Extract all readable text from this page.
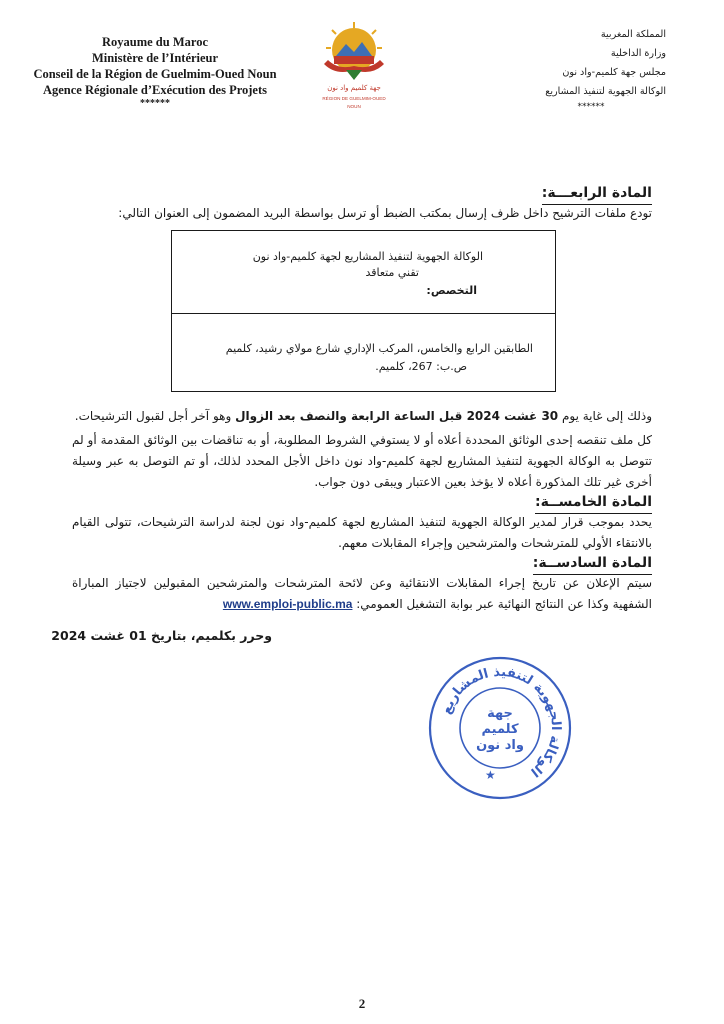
Royaume du Maroc
Ministère de l’Intérieur
Conseil de la Région de Guelmim-Oued Noun
Agence Régionale d’Exécution des Projets
******
جهة كلميم واد نون
RÉGION DE GUELMIM-OUED NOUN
المملكة المغربية
وزارة الداخلية
مجلس جهة كلميم-واد نون
الوكالة الجهوية لتنفيذ المشاريع
******
المادة الرابعـــة:
تودع ملفات الترشيح داخل ظرف إرسال بمكتب الضبط أو ترسل بواسطة البريد المضمون إلى العنوان التالي:
الوكالة الجهوية لتنفيذ المشاريع لجهة كلميم-واد نون
تقني متعاقد
التخصص:
الطابقين الرابع والخامس، المركب الإداري شارع مولاي رشيد، كلميم
ص.ب: 267، كلميم.
وذلك إلى غاية يوم 30 غشت 2024 قبل الساعة الرابعة والنصف بعد الزوال وهو آخر أجل لقبول الترشيحات.
كل ملف تنقصه إحدى الوثائق المحددة أعلاه أو لا يستوفي الشروط المطلوبة، أو به تناقضات بين الوثائق المقدمة أو لم تتوصل به الوكالة الجهوية لتنفيذ المشاريع لجهة كلميم-واد نون داخل الأجل المحدد لذلك، أو تم التوصل به عبر وسيلة أخرى غير تلك المذكورة أعلاه لا يؤخذ بعين الاعتبار ويبقى دون جواب.
المادة الخامســة:
يحدد بموجب قرار لمدير الوكالة الجهوية لتنفيذ المشاريع لجهة كلميم-واد نون لجنة لدراسة الترشيحات، تتولى القيام بالانتقاء الأولي للمترشحات والمترشحين وإجراء المقابلات معهم.
المادة السادســة:
سيتم الإعلان عن تاريخ إجراء المقابلات الانتقائية وعن لائحة المترشحات والمترشحين المقبولين لاجتياز المباراة الشفهية وكذا عن النتائج النهائية عبر بوابة التشغيل العمومي: www.emploi-public.ma
وحرر بكلميم، بتاريخ 01 غشت 2024
الوكالة الجهوية لتنفيذ المشاريع
جهة
كلميم
واد نون
★
2
